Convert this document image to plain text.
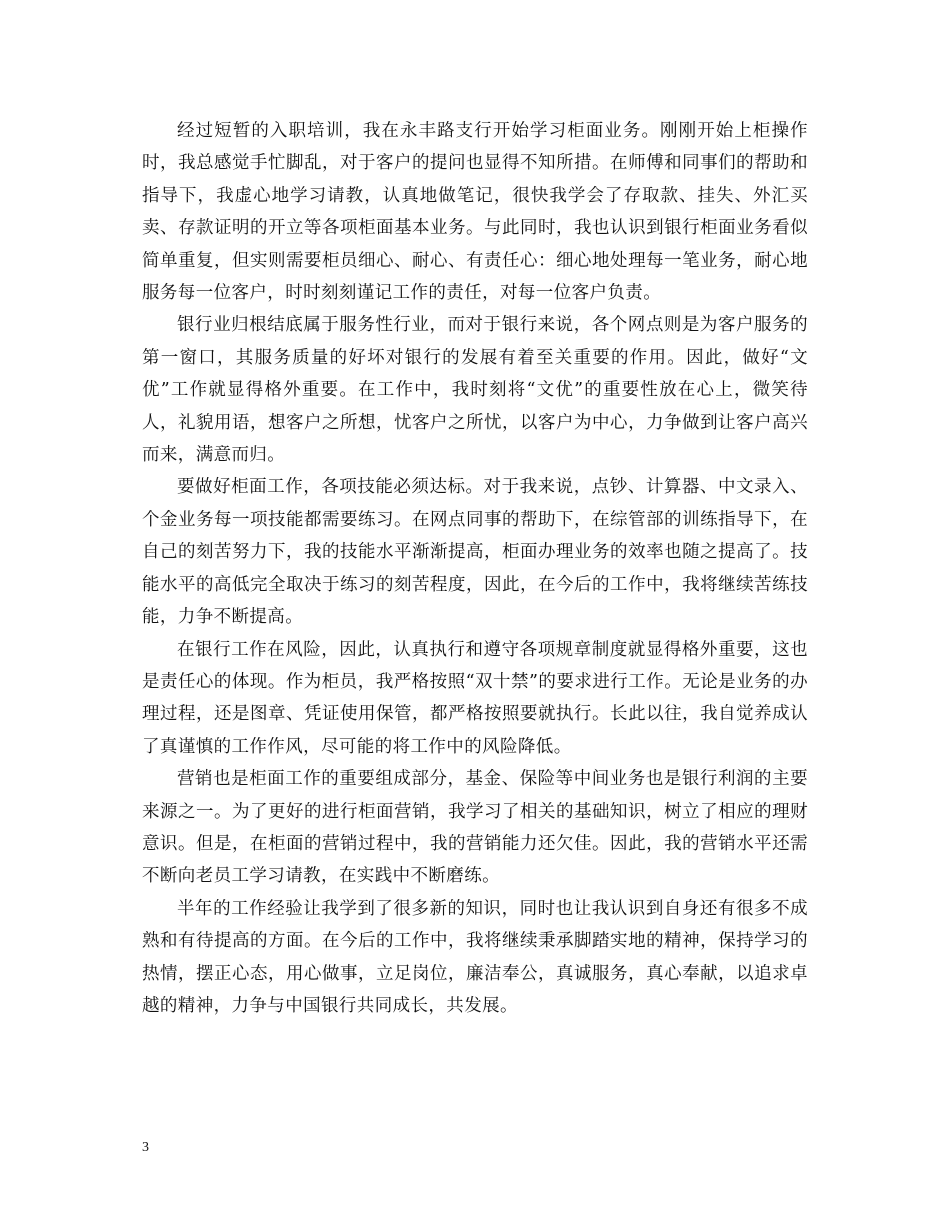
经过短暂的入职培训，我在永丰路支行开始学习柜面业务。刚刚开始上柜操作时，我总感觉手忙脚乱，对于客户的提问也显得不知所措。在师傅和同事们的帮助和指导下，我虚心地学习请教，认真地做笔记，很快我学会了存取款、挂失、外汇买卖、存款证明的开立等各项柜面基本业务。与此同时，我也认识到银行柜面业务看似简单重复，但实则需要柜员细心、耐心、有责任心：细心地处理每一笔业务，耐心地服务每一位客户，时时刻刻谨记工作的责任，对每一位客户负责。

银行业归根结底属于服务性行业，而对于银行来说，各个网点则是为客户服务的第一窗口，其服务质量的好坏对银行的发展有着至关重要的作用。因此，做好“文优”工作就显得格外重要。在工作中，我时刻将“文优”的重要性放在心上，微笑待人，礼貌用语，想客户之所想，忧客户之所忧，以客户为中心，力争做到让客户高兴而来，满意而归。

要做好柜面工作，各项技能必须达标。对于我来说，点钞、计算器、中文录入、个金业务每一项技能都需要练习。在网点同事的帮助下，在综管部的训练指导下，在自己的刻苦努力下，我的技能水平渐渐提高，柜面办理业务的效率也随之提高了。技能水平的高低完全取决于练习的刻苦程度，因此，在今后的工作中，我将继续苦练技能，力争不断提高。

在银行工作在风险，因此，认真执行和遵守各项规章制度就显得格外重要，这也是责任心的体现。作为柜员，我严格按照“双十禁”的要求进行工作。无论是业务的办理过程，还是图章、凭证使用保管，都严格按照要就执行。长此以往，我自觉养成认了真谨慎的工作作风，尽可能的将工作中的风险降低。

营销也是柜面工作的重要组成部分，基金、保险等中间业务也是银行利润的主要来源之一。为了更好的进行柜面营销，我学习了相关的基础知识，树立了相应的理财意识。但是，在柜面的营销过程中，我的营销能力还欠佳。因此，我的营销水平还需不断向老员工学习请教，在实践中不断磨练。

半年的工作经验让我学到了很多新的知识，同时也让我认识到自身还有很多不成熟和有待提高的方面。在今后的工作中，我将继续秉承脚踏实地的精神，保持学习的热情，摆正心态，用心做事，立足岗位，廉洁奉公，真诚服务，真心奉献，以追求卓越的精神，力争与中国银行共同成长，共发展。

3
